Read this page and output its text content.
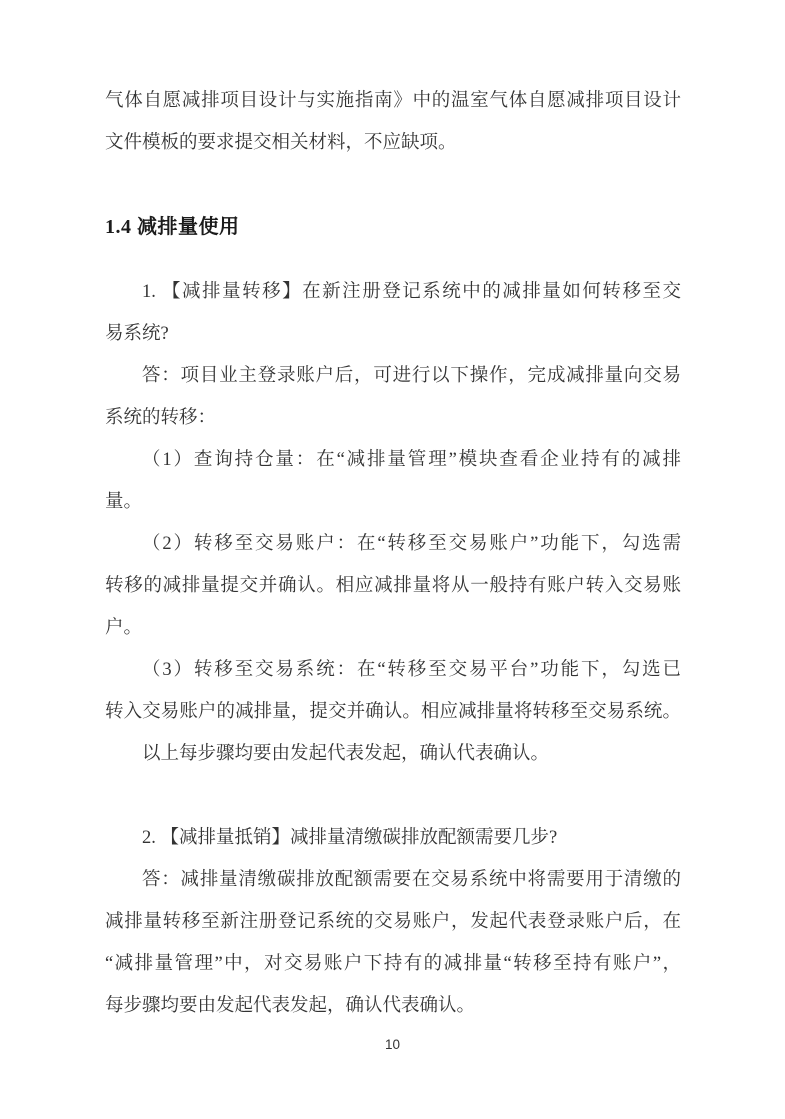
气体自愿减排项目设计与实施指南》中的温室气体自愿减排项目设计

文件模板的要求提交相关材料，不应缺项。

1.4 减排量使用

1. 【减排量转移】在新注册登记系统中的减排量如何转移至交

易系统?

答：项目业主登录账户后，可进行以下操作，完成减排量向交易

系统的转移：

（1）查询持仓量：在“减排量管理”模块查看企业持有的减排

量。

（2）转移至交易账户：在“转移至交易账户”功能下，勾选需

转移的减排量提交并确认。相应减排量将从一般持有账户转入交易账

户。

（3）转移至交易系统：在“转移至交易平台”功能下，勾选已

转入交易账户的减排量，提交并确认。相应减排量将转移至交易系统。

以上每步骤均要由发起代表发起，确认代表确认。

2. 【减排量抵销】减排量清缴碳排放配额需要几步?

答：减排量清缴碳排放配额需要在交易系统中将需要用于清缴的

减排量转移至新注册登记系统的交易账户，发起代表登录账户后，在

“减排量管理”中，对交易账户下持有的减排量“转移至持有账户”，

每步骤均要由发起代表发起，确认代表确认。

10
